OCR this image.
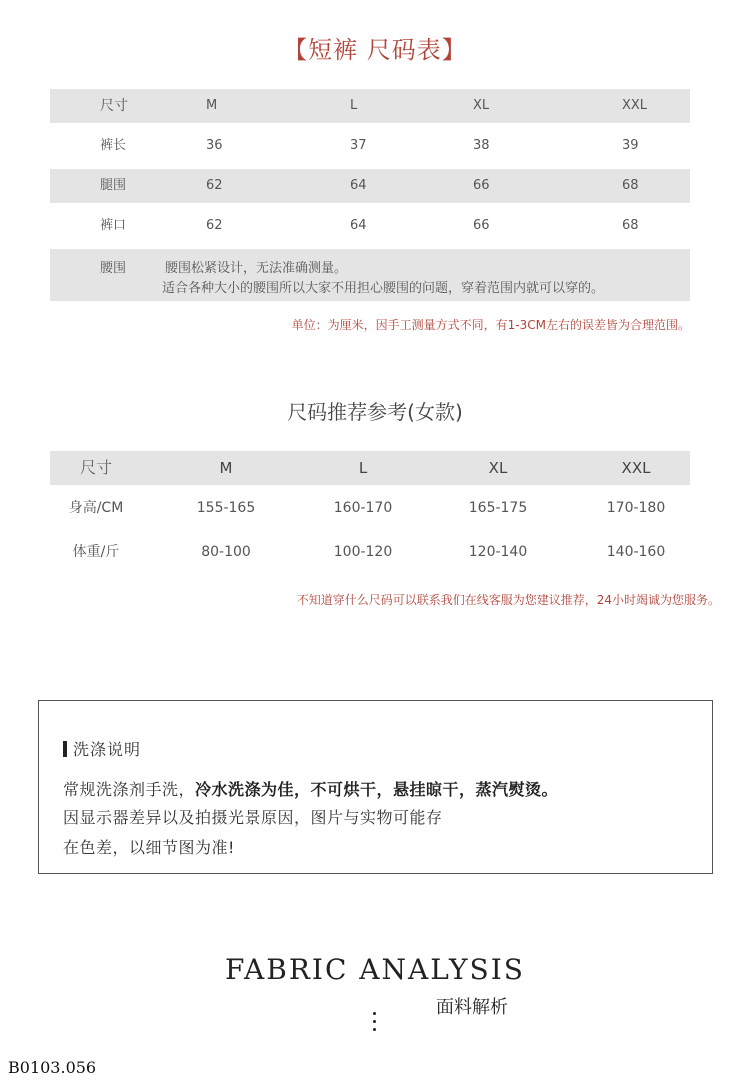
【短裤 尺码表】
尺寸	M	L	XL	XXL
裤长	36	37	38	39
腿围	62	64	66	68
裤口	62	64	66	68
腰围	腰围松紧设计，无法准确测量。
适合各种大小的腰围所以大家不用担心腰围的问题，穿着范围内就可以穿的。
单位：为厘米，因手工测量方式不同，有1-3CM左右的误差皆为合理范围。
尺码推荐参考(女款)
尺寸	M	L	XL	XXL
身高/CM	155-165	160-170	165-175	170-180
体重/斤	80-100	100-120	120-140	140-160
不知道穿什么尺码可以联系我们在线客服为您建议推荐，24小时竭诚为您服务。
洗涤说明
常规洗涤剂手洗，冷水洗涤为佳，不可烘干，悬挂晾干，蒸汽熨烫。
因显示器差异以及拍摄光景原因，图片与实物可能存
在色差，以细节图为准!
FABRIC ANALYSIS
面料解析
B0103.056
